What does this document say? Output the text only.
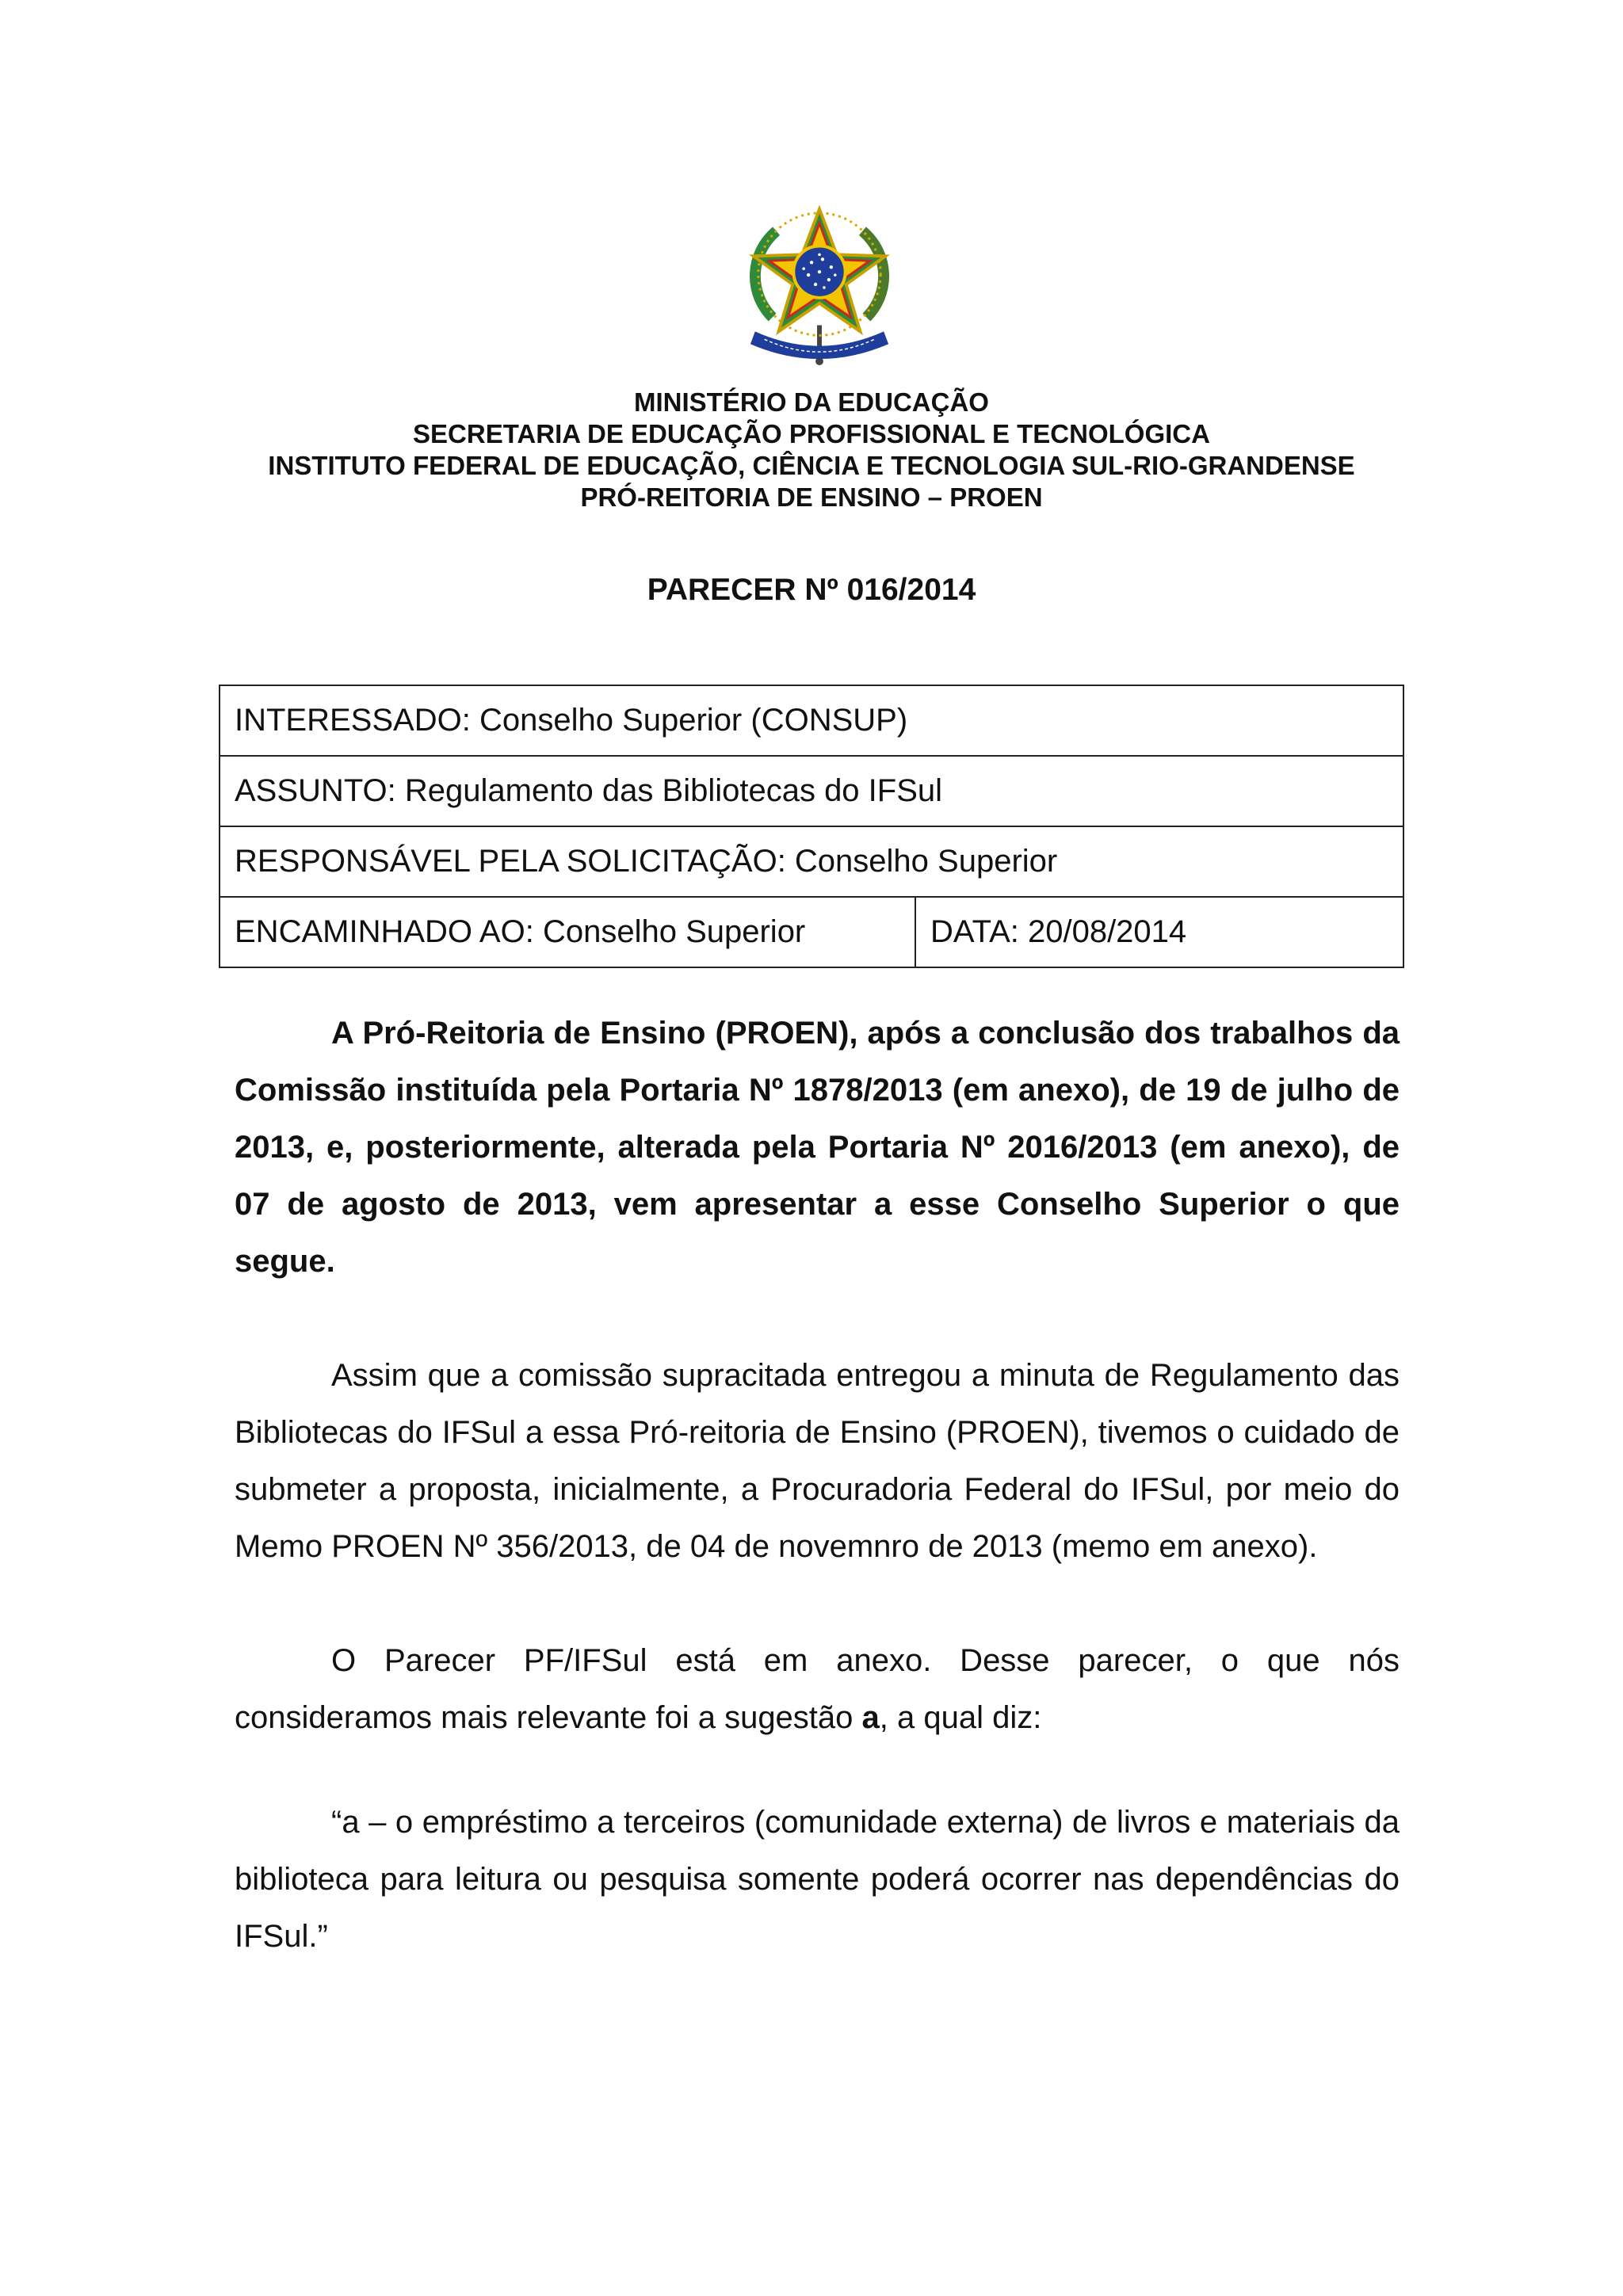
MINISTÉRIO DA EDUCAÇÃO
SECRETARIA DE EDUCAÇÃO PROFISSIONAL E TECNOLÓGICA
INSTITUTO FEDERAL DE EDUCAÇÃO, CIÊNCIA E TECNOLOGIA SUL-RIO-GRANDENSE
PRÓ-REITORIA DE ENSINO – PROEN
PARECER Nº 016/2014
INTERESSADO: Conselho Superior (CONSUP)
ASSUNTO: Regulamento das Bibliotecas do IFSul
RESPONSÁVEL PELA SOLICITAÇÃO: Conselho Superior
ENCAMINHADO AO: Conselho Superior	DATA: 20/08/2014

A Pró-Reitoria de Ensino (PROEN), após a conclusão dos trabalhos da Comissão instituída pela Portaria Nº 1878/2013 (em anexo), de 19 de julho de 2013, e, posteriormente, alterada pela Portaria Nº 2016/2013 (em anexo), de 07 de agosto de 2013, vem apresentar a esse Conselho Superior o que segue.

Assim que a comissão supracitada entregou a minuta de Regulamento das Bibliotecas do IFSul a essa Pró-reitoria de Ensino (PROEN), tivemos o cuidado de submeter a proposta, inicialmente, a Procuradoria Federal do IFSul, por meio do Memo PROEN Nº 356/2013, de 04 de novemnro de 2013 (memo em anexo).

O Parecer PF/IFSul está em anexo. Desse parecer, o que nós consideramos mais relevante foi a sugestão a, a qual diz:

“a – o empréstimo a terceiros (comunidade externa) de livros e materiais da biblioteca para leitura ou pesquisa somente poderá ocorrer nas dependências do IFSul.”
